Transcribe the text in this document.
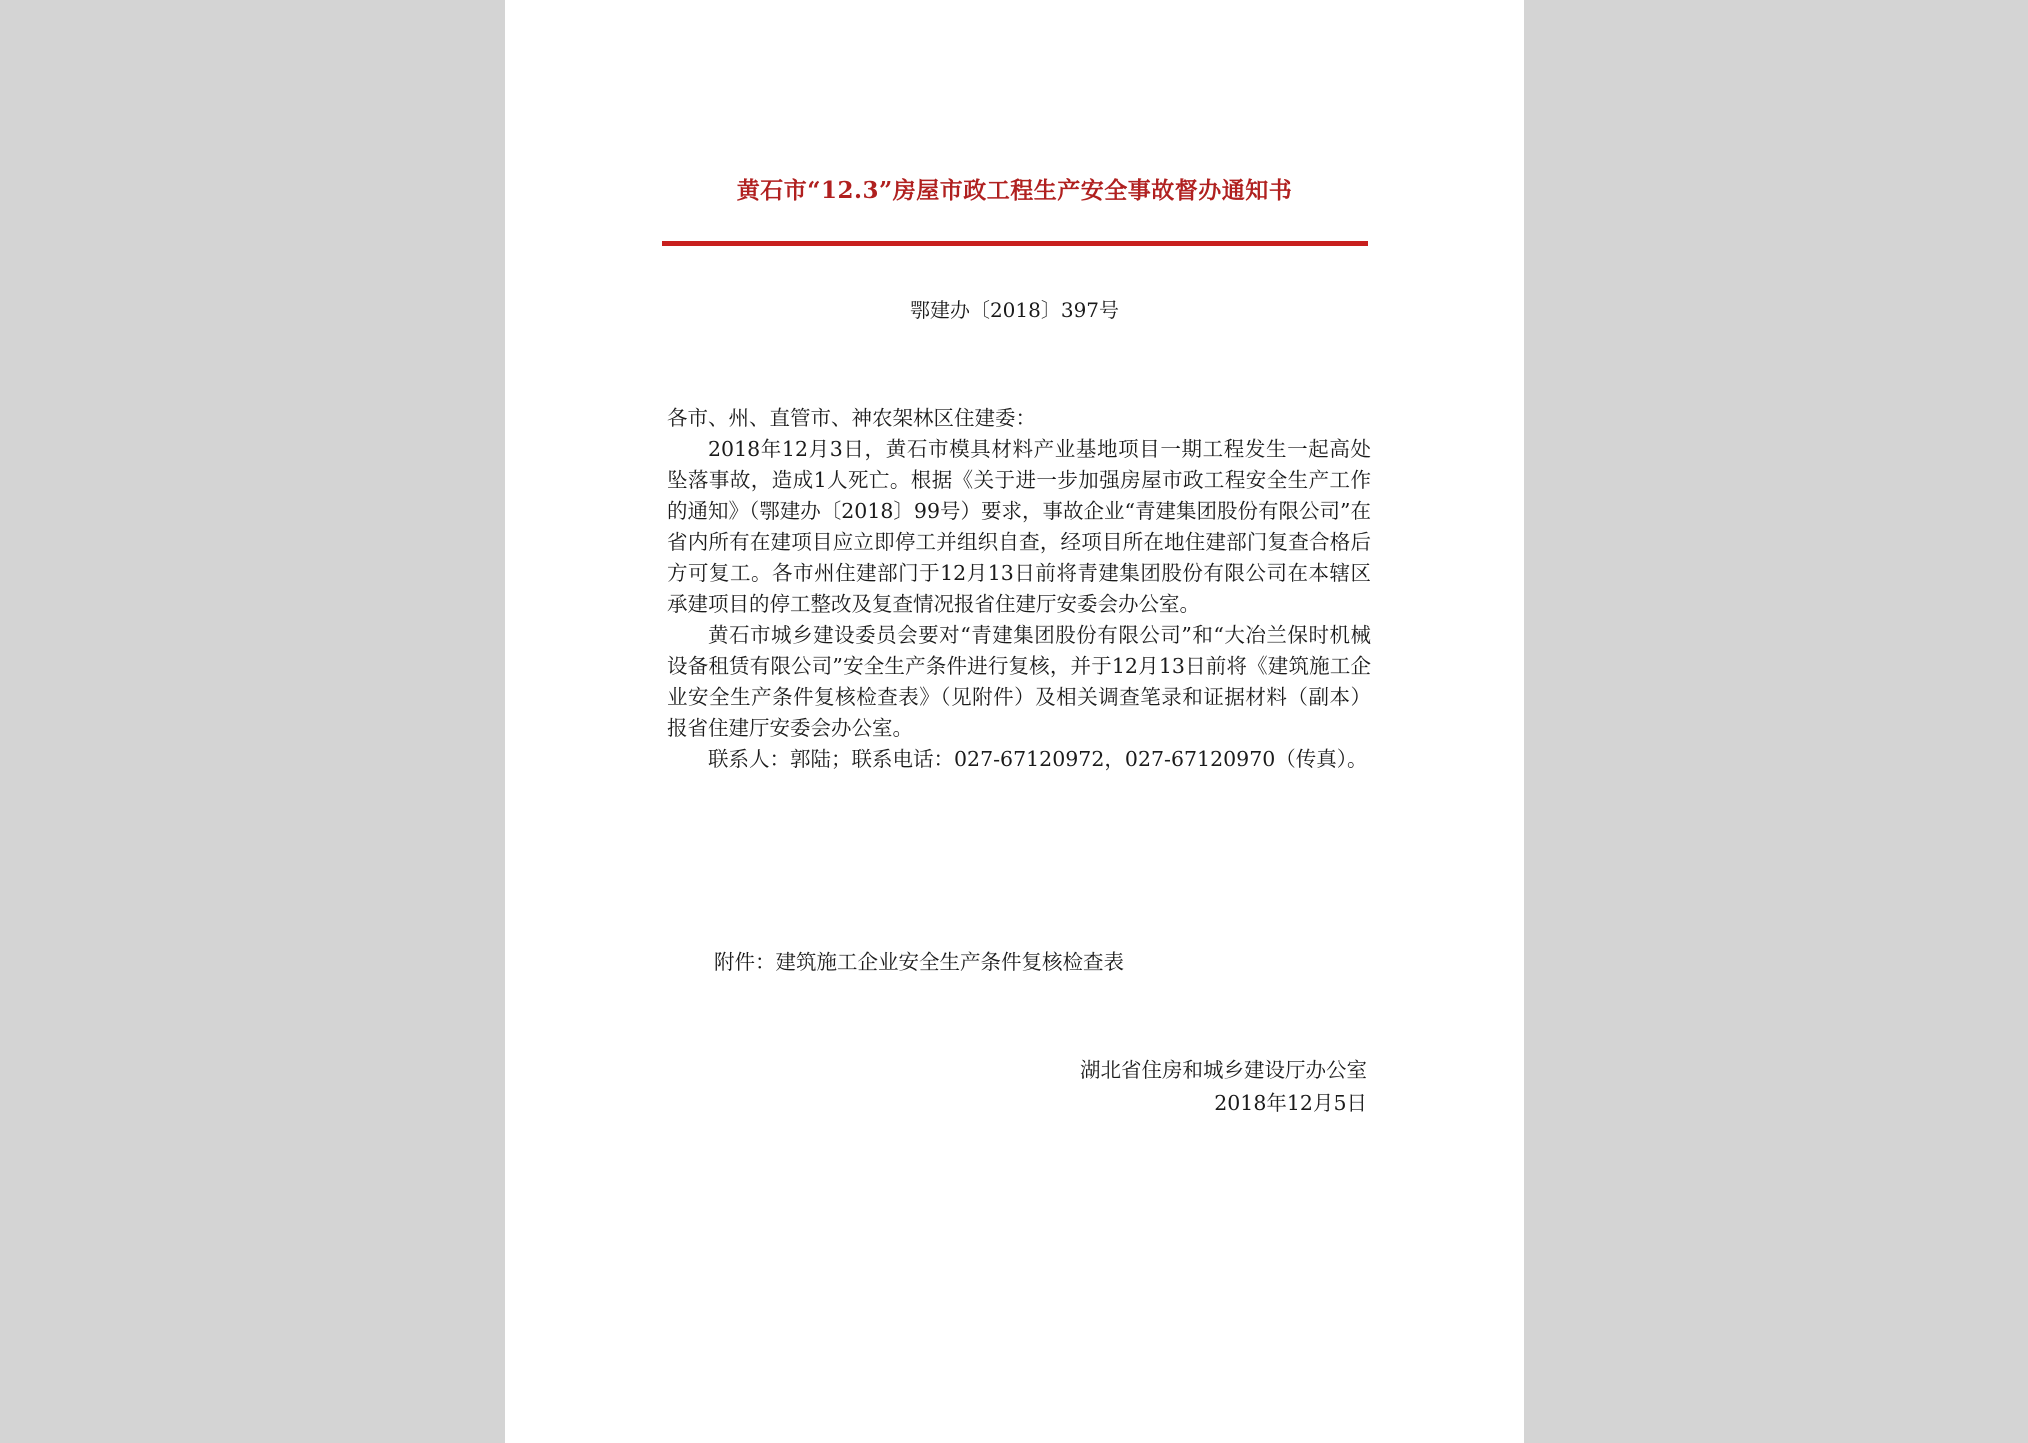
黄石市“12.3”房屋市政工程生产安全事故督办通知书
鄂建办〔2018〕397号

各市、州、直管市、神农架林区住建委：

2018年12月3日，黄石市模具材料产业基地项目一期工程发生一起高处坠落事故，造成1人死亡。根据《关于进一步加强房屋市政工程安全生产工作的通知》（鄂建办〔2018〕99号）要求，事故企业“青建集团股份有限公司”在省内所有在建项目应立即停工并组织自查，经项目所在地住建部门复查合格后方可复工。各市州住建部门于12月13日前将青建集团股份有限公司在本辖区承建项目的停工整改及复查情况报省住建厅安委会办公室。

黄石市城乡建设委员会要对“青建集团股份有限公司”和“大冶兰保时机械设备租赁有限公司”安全生产条件进行复核，并于12月13日前将《建筑施工企业安全生产条件复核检查表》（见附件）及相关调查笔录和证据材料（副本）报省住建厅安委会办公室。

联系人：郭陆；联系电话：027-67120972，027-67120970（传真）。

附件：建筑施工企业安全生产条件复核检查表
湖北省住房和城乡建设厅办公室
2018年12月5日
